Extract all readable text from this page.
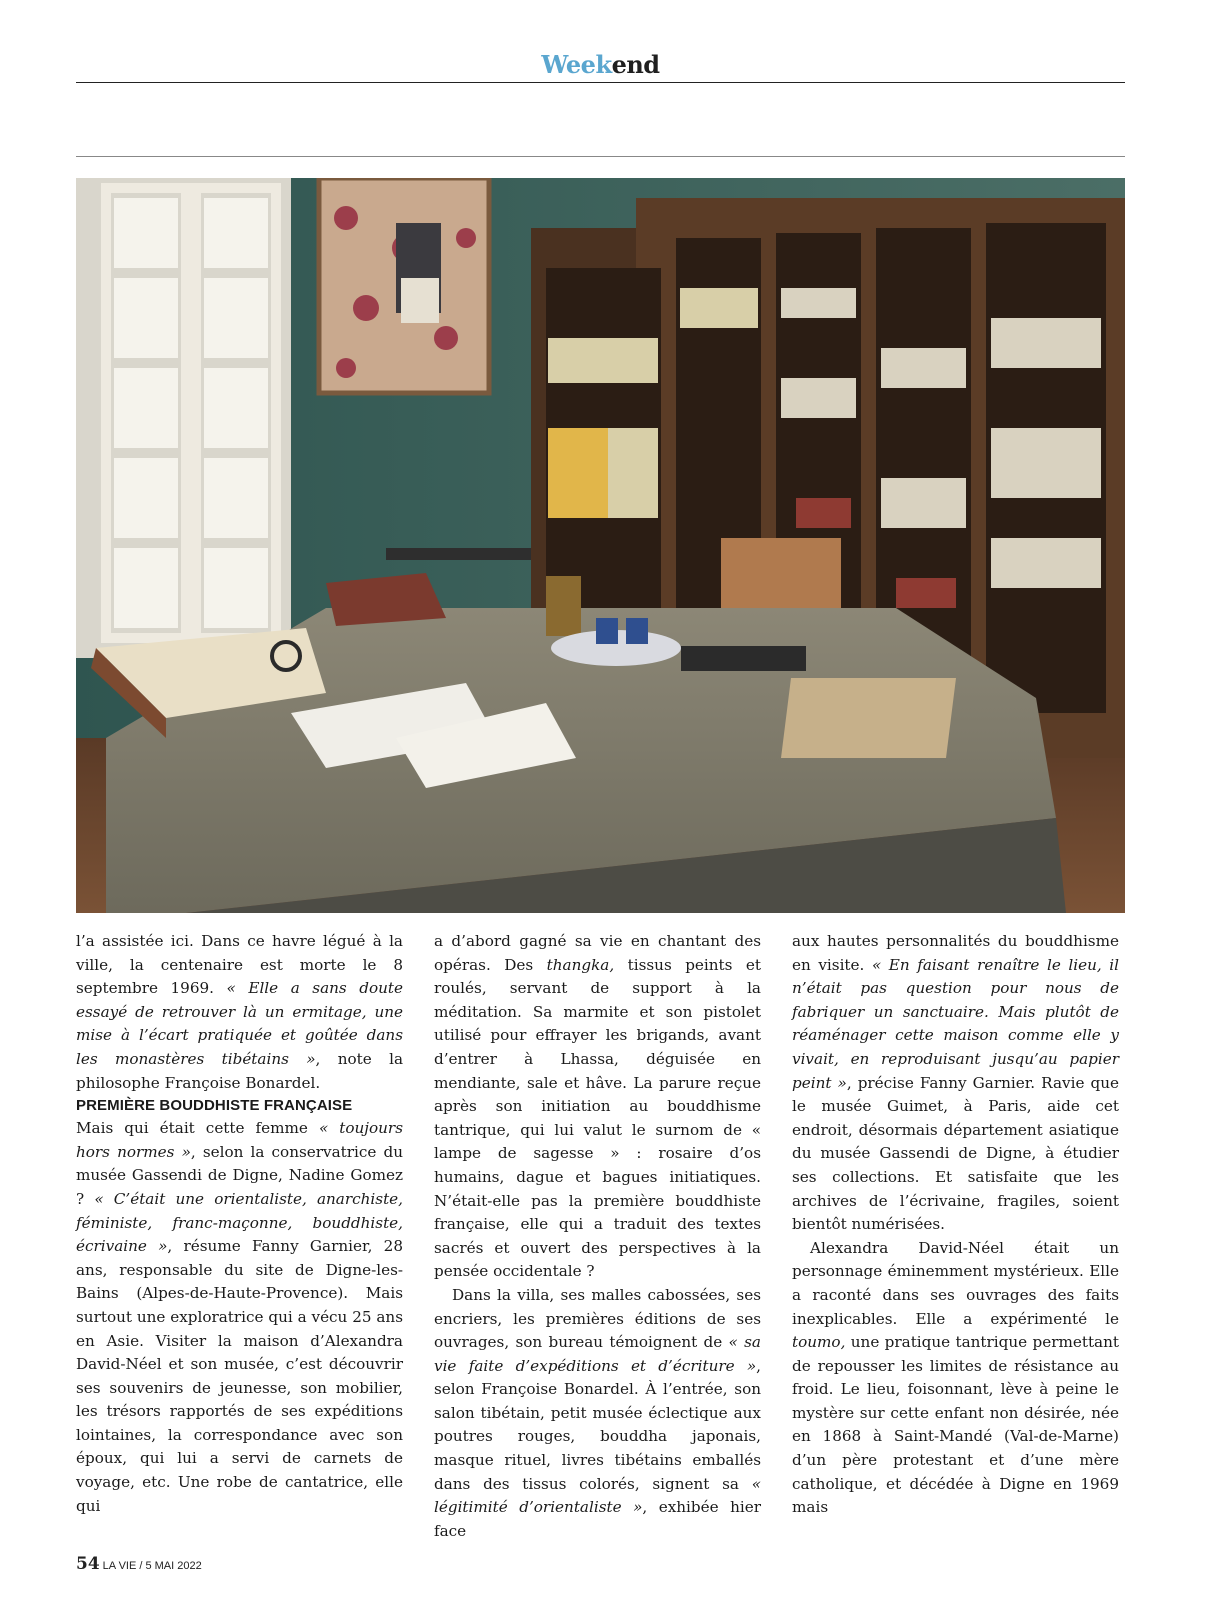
Weekend

l’a assistée ici. Dans ce havre légué à la ville, la centenaire est morte le 8 septembre 1969. « Elle a sans doute essayé de retrouver là un ermitage, une mise à l’écart pratiquée et goûtée dans les monastères tibétains », note la philosophe Françoise Bonardel.

PREMIÈRE BOUDDHISTE FRANÇAISE

Mais qui était cette femme « toujours hors normes », selon la conservatrice du musée Gassendi de Digne, Nadine Gomez ? « C’était une orientaliste, anarchiste, féministe, franc-maçonne, bouddhiste, écrivaine », résume Fanny Garnier, 28 ans, responsable du site de Digne-les-Bains (Alpes-de-Haute-Provence). Mais surtout une exploratrice qui a vécu 25 ans en Asie. Visiter la maison d’Alexandra David-Néel et son musée, c’est découvrir ses souvenirs de jeunesse, son mobilier, les trésors rapportés de ses expéditions lointaines, la correspondance avec son époux, qui lui a servi de carnets de voyage, etc. Une robe de cantatrice, elle qui

a d’abord gagné sa vie en chantant des opéras. Des thangka, tissus peints et roulés, servant de support à la méditation. Sa marmite et son pistolet utilisé pour effrayer les brigands, avant d’entrer à Lhassa, déguisée en mendiante, sale et hâve. La parure reçue après son initiation au bouddhisme tantrique, qui lui valut le surnom de « lampe de sagesse » : rosaire d’os humains, dague et bagues initiatiques. N’était-elle pas la première bouddhiste française, elle qui a traduit des textes sacrés et ouvert des perspectives à la pensée occidentale ?

Dans la villa, ses malles cabossées, ses encriers, les premières éditions de ses ouvrages, son bureau témoignent de « sa vie faite d’expéditions et d’écriture », selon Françoise Bonardel. À l’entrée, son salon tibétain, petit musée éclectique aux poutres rouges, bouddha japonais, masque rituel, livres tibétains emballés dans des tissus colorés, signent sa « légitimité d’orientaliste », exhibée hier face

aux hautes personnalités du bouddhisme en visite. « En faisant renaître le lieu, il n’était pas question pour nous de fabriquer un sanctuaire. Mais plutôt de réaménager cette maison comme elle y vivait, en reproduisant jusqu’au papier peint », précise Fanny Garnier. Ravie que le musée Guimet, à Paris, aide cet endroit, désormais département asiatique du musée Gassendi de Digne, à étudier ses collections. Et satisfaite que les archives de l’écrivaine, fragiles, soient bientôt numérisées.

Alexandra David-Néel était un personnage éminemment mystérieux. Elle a raconté dans ses ouvrages des faits inexplicables. Elle a expérimenté le toumo, une pratique tantrique permettant de repousser les limites de résistance au froid. Le lieu, foisonnant, lève à peine le mystère sur cette enfant non désirée, née en 1868 à Saint-Mandé (Val-de-Marne) d’un père protestant et d’une mère catholique, et décédée à Digne en 1969 mais

54 LA VIE / 5 MAI 2022
